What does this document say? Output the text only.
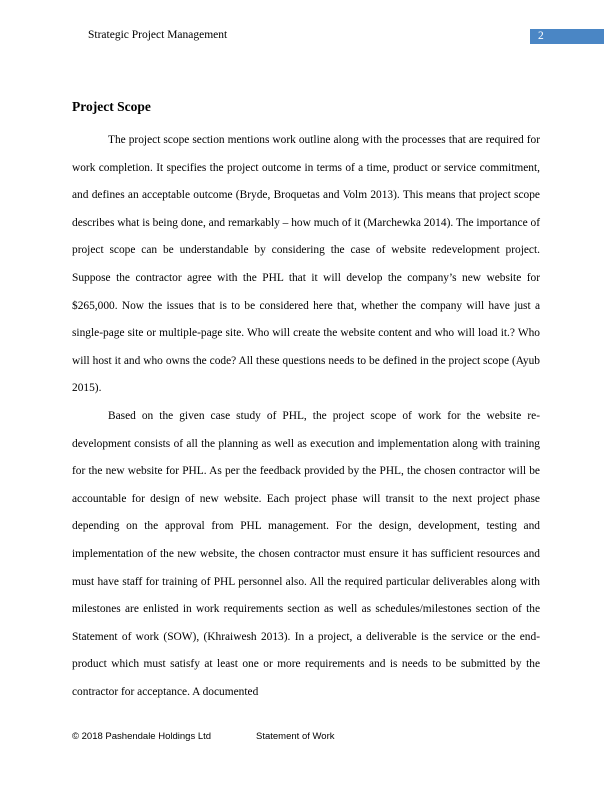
Strategic Project Management	2
Project Scope

The project scope section mentions work outline along with the processes that are required for work completion. It specifies the project outcome in terms of a time, product or service commitment, and defines an acceptable outcome (Bryde, Broquetas and Volm 2013). This means that project scope describes what is being done, and remarkably – how much of it (Marchewka 2014). The importance of project scope can be understandable by considering the case of website redevelopment project. Suppose the contractor agree with the PHL that it will develop the company’s new website for $265,000. Now the issues that is to be considered here that, whether the company will have just a single-page site or multiple-page site. Who will create the website content and who will load it.? Who will host it and who owns the code? All these questions needs to be defined in the project scope (Ayub 2015).

Based on the given case study of PHL, the project scope of work for the website re-development consists of all the planning as well as execution and implementation along with training for the new website for PHL. As per the feedback provided by the PHL, the chosen contractor will be accountable for design of new website. Each project phase will transit to the next project phase depending on the approval from PHL management. For the design, development, testing and implementation of the new website, the chosen contractor must ensure it has sufficient resources and must have staff for training of PHL personnel also. All the required particular deliverables along with milestones are enlisted in work requirements section as well as schedules/milestones section of the Statement of work (SOW), (Khraiwesh 2013). In a project, a deliverable is the service or the end-product which must satisfy at least one or more requirements and is needs to be submitted by the contractor for acceptance. A documented

© 2018 Pashendale Holdings Ltd	Statement of Work
